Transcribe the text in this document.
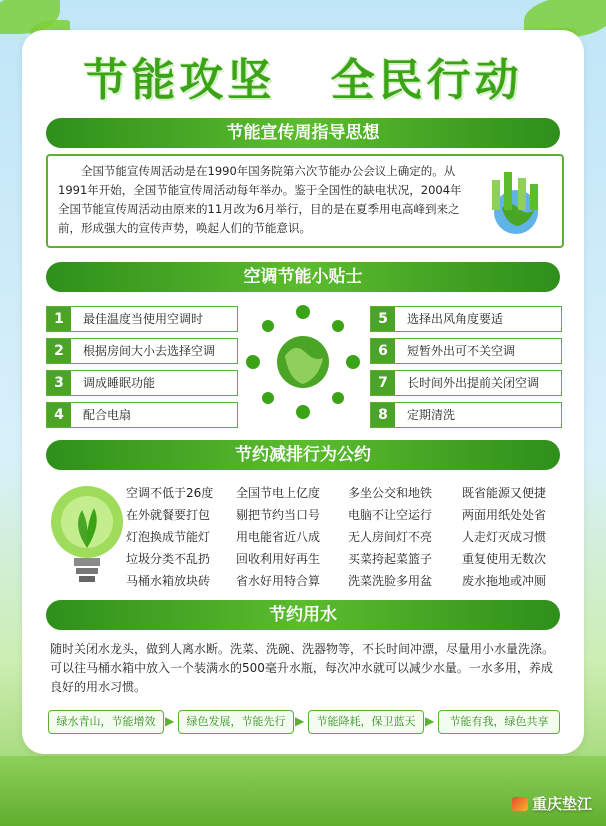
节能攻坚 全民行动
节能宣传周指导思想
全国节能宣传周活动是在1990年国务院第六次节能办公会议上确定的。从1991年开始，全国节能宣传周活动每年举办。鉴于全国性的缺电状况，2004年全国节能宣传周活动由原来的11月改为6月举行，目的是在夏季用电高峰到来之前，形成强大的宣传声势，唤起人们的节能意识。
空调节能小贴士
1	最佳温度当使用空调时
2	根据房间大小去选择空调
3	调成睡眠功能
4	配合电扇
5	选择出风角度要适
6	短暂外出可不关空调
7	长时间外出提前关闭空调
8	定期清洗
节约减排行为公约
空调不低于26度 全国节电上亿度 多坐公交和地铁 既省能源又便捷
在外就餐要打包 剔把节约当口号 电脑不让空运行 两面用纸处处省
灯泡换成节能灯 用电能省近八成 无人房间灯不亮 人走灯灭成习惯
垃圾分类不乱扔 回收利用好再生 买菜挎起菜篮子 重复使用无数次
马桶水箱放块砖 省水好用特合算 洗菜洗脸多用盆 废水拖地或冲厕
节约用水
随时关闭水龙头，做到人离水断。洗菜、洗碗、洗器物等，不长时间冲漂，尽量用小水量洗涤。可以往马桶水箱中放入一个装满水的500毫升水瓶，每次冲水就可以减少水量。一水多用，养成良好的用水习惯。
绿水青山，节能增效 ▶	绿色发展，节能先行 ▶	节能降耗，保卫蓝天 ▶	节能有我，绿色共享
重庆垫江
